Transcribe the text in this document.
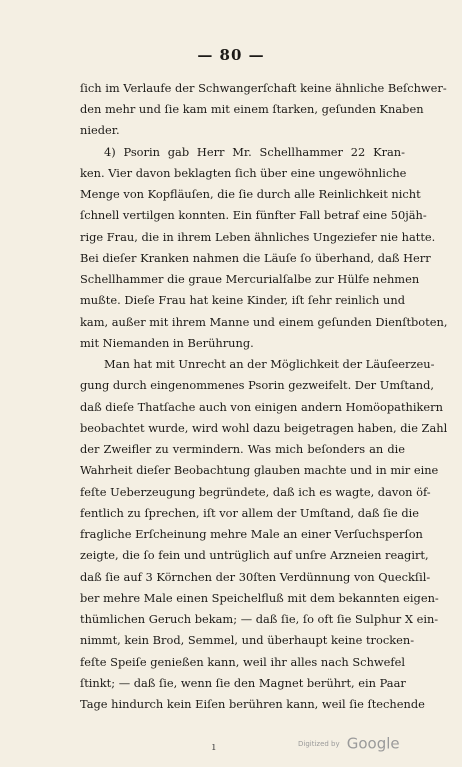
— 80 —
ſich im Verlaufe der Schwangerſchaft keine ähnliche Beſchwer-
den mehr und ſie kam mit einem ſtarken, geſunden Knaben
nieder.
4) Psorin gab Herr Mr. Schellhammer 22 Kran-
ken. Vier davon beklagten ſich über eine ungewöhnliche
Menge von Kopfläuſen, die ſie durch alle Reinlichkeit nicht
ſchnell vertilgen konnten. Ein fünfter Fall betraf eine 50jäh-
rige Frau, die in ihrem Leben ähnliches Ungeziefer nie hatte.
Bei dieſer Kranken nahmen die Läuſe ſo überhand, daß Herr
Schellhammer die graue Mercurialſalbe zur Hülfe nehmen
mußte. Dieſe Frau hat keine Kinder, iſt ſehr reinlich und
kam, außer mit ihrem Manne und einem geſunden Dienſtboten,
mit Niemanden in Berührung.
Man hat mit Unrecht an der Möglichkeit der Läuſeerzeu-
gung durch eingenommenes Psorin gezweifelt. Der Umſtand,
daß dieſe Thatſache auch von einigen andern Homöopathikern
beobachtet wurde, wird wohl dazu beigetragen haben, die Zahl
der Zweifler zu vermindern. Was mich beſonders an die
Wahrheit dieſer Beobachtung glauben machte und in mir eine
feſte Ueberzeugung begründete, daß ich es wagte, davon öf-
fentlich zu ſprechen, iſt vor allem der Umſtand, daß ſie die
fragliche Erſcheinung mehre Male an einer Verſuchsperſon
zeigte, die ſo fein und untrüglich auf unſre Arzneien reagirt,
daß ſie auf 3 Körnchen der 30ſten Verdünnung von Queckſil-
ber mehre Male einen Speichelfluß mit dem bekannten eigen-
thümlichen Geruch bekam; — daß ſie, ſo oft ſie Sulphur X ein-
nimmt, kein Brod, Semmel, und überhaupt keine trocken-
feſte Speiſe genießen kann, weil ihr alles nach Schwefel
ſtinkt; — daß ſie, wenn ſie den Magnet berührt, ein Paar
Tage hindurch kein Eiſen berühren kann, weil ſie ſtechende
ı	Digitized by Google
